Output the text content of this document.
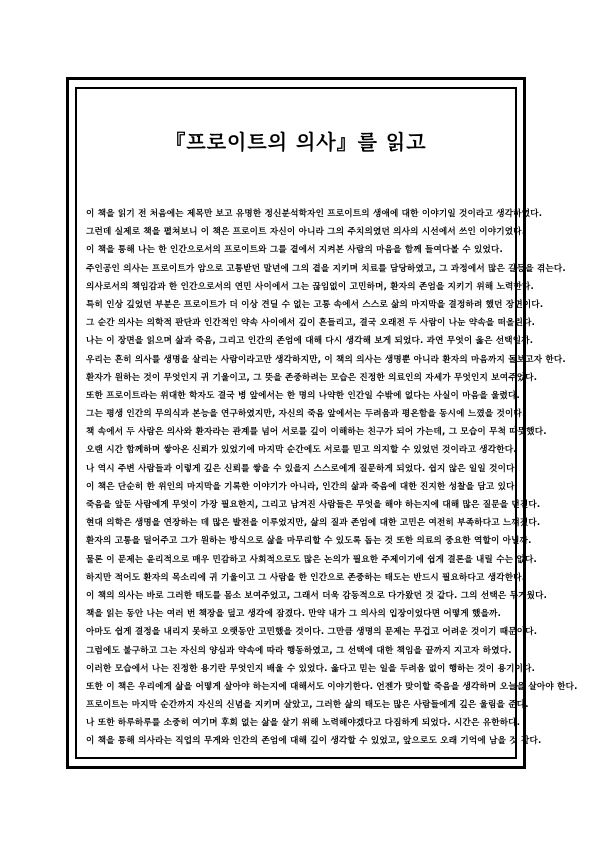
『프로이트의 의사』를 읽고
이 책을 읽기 전 처음에는 제목만 보고 유명한 정신분석학자인 프로이트의 생애에 대한 이야기일 것이라고 생각하였다.
그런데 실제로 책을 펼쳐보니 이 책은 프로이트 자신이 아니라 그의 주치의였던 의사의 시선에서 쓰인 이야기였다.
이 책을 통해 나는 한 인간으로서의 프로이트와 그를 곁에서 지켜본 사람의 마음을 함께 들여다볼 수 있었다.
주인공인 의사는 프로이트가 암으로 고통받던 말년에 그의 곁을 지키며 치료를 담당하였고, 그 과정에서 많은 갈등을 겪는다.
의사로서의 책임감과 한 인간으로서의 연민 사이에서 그는 끊임없이 고민하며, 환자의 존엄을 지키기 위해 노력한다.
특히 인상 깊었던 부분은 프로이트가 더 이상 견딜 수 없는 고통 속에서 스스로 삶의 마지막을 결정하려 했던 장면이다.
그 순간 의사는 의학적 판단과 인간적인 약속 사이에서 깊이 흔들리고, 결국 오래전 두 사람이 나눈 약속을 떠올린다.
나는 이 장면을 읽으며 삶과 죽음, 그리고 인간의 존엄에 대해 다시 생각해 보게 되었다. 과연 무엇이 옳은 선택일까.
우리는 흔히 의사를 생명을 살리는 사람이라고만 생각하지만, 이 책의 의사는 생명뿐 아니라 환자의 마음까지 돌보고자 한다.
환자가 원하는 것이 무엇인지 귀 기울이고, 그 뜻을 존중하려는 모습은 진정한 의료인의 자세가 무엇인지 보여주었다.
또한 프로이트라는 위대한 학자도 결국 병 앞에서는 한 명의 나약한 인간일 수밖에 없다는 사실이 마음을 울렸다.
그는 평생 인간의 무의식과 본능을 연구하였지만, 자신의 죽음 앞에서는 두려움과 평온함을 동시에 느꼈을 것이다.
책 속에서 두 사람은 의사와 환자라는 관계를 넘어 서로를 깊이 이해하는 친구가 되어 가는데, 그 모습이 무척 따뜻했다.
오랜 시간 함께하며 쌓아온 신뢰가 있었기에 마지막 순간에도 서로를 믿고 의지할 수 있었던 것이라고 생각한다.
나 역시 주변 사람들과 이렇게 깊은 신뢰를 쌓을 수 있을지 스스로에게 질문하게 되었다. 쉽지 않은 일일 것이다.
이 책은 단순히 한 위인의 마지막을 기록한 이야기가 아니라, 인간의 삶과 죽음에 대한 진지한 성찰을 담고 있다.
죽음을 앞둔 사람에게 무엇이 가장 필요한지, 그리고 남겨진 사람들은 무엇을 해야 하는지에 대해 많은 질문을 던진다.
현대 의학은 생명을 연장하는 데 많은 발전을 이루었지만, 삶의 질과 존엄에 대한 고민은 여전히 부족하다고 느껴졌다.
환자의 고통을 덜어주고 그가 원하는 방식으로 삶을 마무리할 수 있도록 돕는 것 또한 의료의 중요한 역할이 아닐까.
물론 이 문제는 윤리적으로 매우 민감하고 사회적으로도 많은 논의가 필요한 주제이기에 쉽게 결론을 내릴 수는 없다.
하지만 적어도 환자의 목소리에 귀 기울이고 그 사람을 한 인간으로 존중하는 태도는 반드시 필요하다고 생각한다.
이 책의 의사는 바로 그러한 태도를 몸소 보여주었고, 그래서 더욱 감동적으로 다가왔던 것 같다. 그의 선택은 무거웠다.
책을 읽는 동안 나는 여러 번 책장을 덮고 생각에 잠겼다. 만약 내가 그 의사의 입장이었다면 어떻게 했을까.
아마도 쉽게 결정을 내리지 못하고 오랫동안 고민했을 것이다. 그만큼 생명의 문제는 무겁고 어려운 것이기 때문이다.
그럼에도 불구하고 그는 자신의 양심과 약속에 따라 행동하였고, 그 선택에 대한 책임을 끝까지 지고자 하였다.
이러한 모습에서 나는 진정한 용기란 무엇인지 배울 수 있었다. 옳다고 믿는 일을 두려움 없이 행하는 것이 용기이다.
또한 이 책은 우리에게 삶을 어떻게 살아야 하는지에 대해서도 이야기한다. 언젠가 맞이할 죽음을 생각하며 오늘을 살아야 한다.
프로이트는 마지막 순간까지 자신의 신념을 지키며 살았고, 그러한 삶의 태도는 많은 사람들에게 깊은 울림을 준다.
나 또한 하루하루를 소중히 여기며 후회 없는 삶을 살기 위해 노력해야겠다고 다짐하게 되었다. 시간은 유한하다.
이 책을 통해 의사라는 직업의 무게와 인간의 존엄에 대해 깊이 생각할 수 있었고, 앞으로도 오래 기억에 남을 것 같다.
